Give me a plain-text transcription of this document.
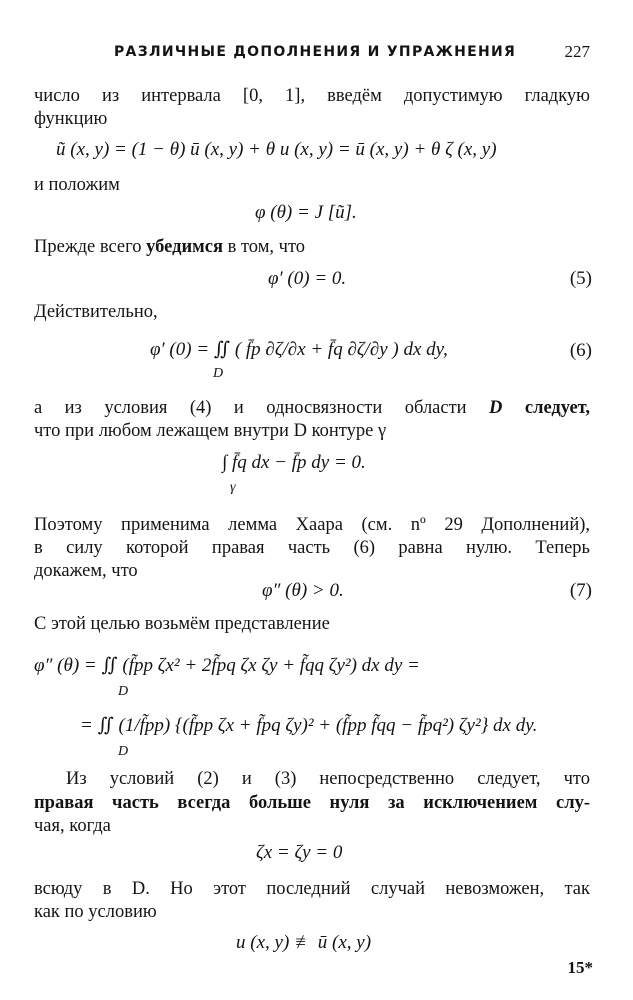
РАЗЛИЧНЫЕ ДОПОЛНЕНИЯ И УПРАЖНЕНИЯ	227
число из интервала [0, 1], введём допустимую гладкую
функцию
ũ (x, y) = (1 − θ) ū (x, y) + θ u (x, y) = ū (x, y) + θ ζ (x, y)
и положим
φ (θ) = J [ũ].
Прежде всего убедимся в том, что
φ′ (0) = 0.	(5)
Действительно,
φ′ (0) = ∬ ( f̄p ∂ζ/∂x + f̄q ∂ζ/∂y ) dx dy,
D
(6)
а из условия (4) и односвязности области D следует,
что при любом лежащем внутри D контуре γ
∫ f̄q dx − f̄p dy = 0.
γ
Поэтому применима лемма Хаара (см. nº 29 Дополнений),
в силу которой правая часть (6) равна нулю. Теперь
докажем, что
φ″ (θ) > 0.	(7)
С этой целью возьмём представление
φ″ (θ) = ∬ (f̃pp ζx² + 2f̃pq ζx ζy + f̃qq ζy²) dx dy =
D
= ∬ (1/f̃pp) {(f̃pp ζx + f̃pq ζy)² + (f̃pp f̃qq − f̃pq²) ζy²} dx dy.
D
Из условий (2) и (3) непосредственно следует, что
правая часть всегда больше нуля за исключением слу-
чая, когда
ζx = ζy = 0
всюду в D. Но этот последний случай невозможен, так
как по условию
u (x, y) ≢ ū (x, y)
15*
